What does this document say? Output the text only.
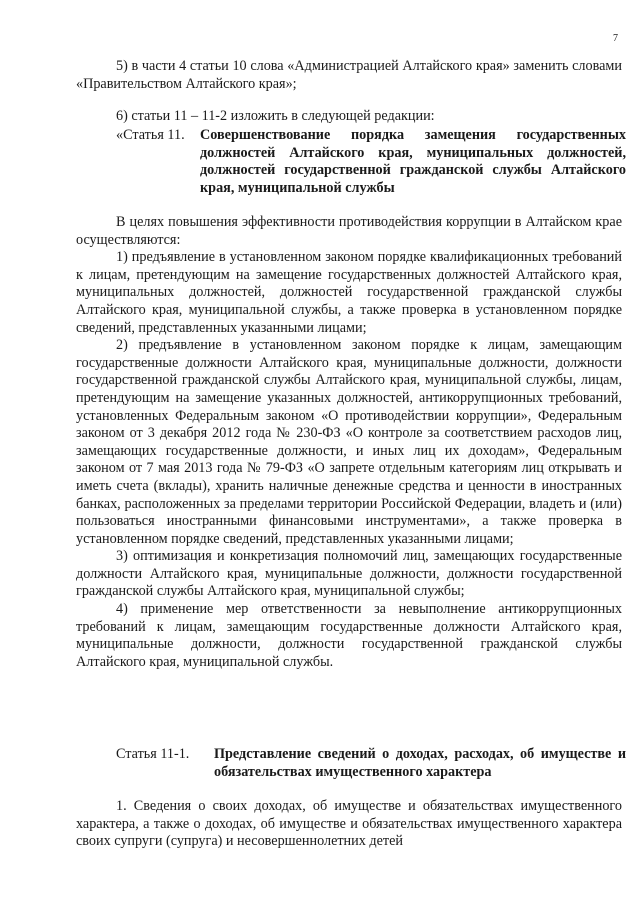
7

5) в части 4 статьи 10 слова «Администрацией Алтайского края» заменить словами «Правительством Алтайского края»;

6) статьи 11 – 11-2 изложить в следующей редакции:

«Статья 11. Совершенствование порядка замещения государственных должностей Алтайского края, муниципальных должностей, должностей государственной гражданской службы Алтайского края, муниципальной службы

В целях повышения эффективности противодействия коррупции в Алтайском крае осуществляются:

1) предъявление в установленном законом порядке квалификационных требований к лицам, претендующим на замещение государственных должностей Алтайского края, муниципальных должностей, должностей государственной гражданской службы Алтайского края, муниципальной службы, а также проверка в установленном порядке сведений, представленных указанными лицами;

2) предъявление в установленном законом порядке к лицам, замещающим государственные должности Алтайского края, муниципальные должности, должности государственной гражданской службы Алтайского края, муниципальной службы, лицам, претендующим на замещение указанных должностей, антикоррупционных требований, установленных Федеральным законом «О противодействии коррупции», Федеральным законом от 3 декабря 2012 года № 230-ФЗ «О контроле за соответствием расходов лиц, замещающих государственные должности, и иных лиц их доходам», Федеральным законом от 7 мая 2013 года № 79-ФЗ «О запрете отдельным категориям лиц открывать и иметь счета (вклады), хранить наличные денежные средства и ценности в иностранных банках, расположенных за пределами территории Российской Федерации, владеть и (или) пользоваться иностранными финансовыми инструментами», а также проверка в установленном порядке сведений, представленных указанными лицами;

3) оптимизация и конкретизация полномочий лиц, замещающих государственные должности Алтайского края, муниципальные должности, должности государственной гражданской службы Алтайского края, муниципальной службы;

4) применение мер ответственности за невыполнение антикоррупционных требований к лицам, замещающим государственные должности Алтайского края, муниципальные должности, должности государственной гражданской службы Алтайского края, муниципальной службы.

Статья 11-1. Представление сведений о доходах, расходах, об имуществе и обязательствах имущественного характера

1. Сведения о своих доходах, об имуществе и обязательствах имущественного характера, а также о доходах, об имуществе и обязательствах имущественного характера своих супруги (супруга) и несовершеннолетних детей
